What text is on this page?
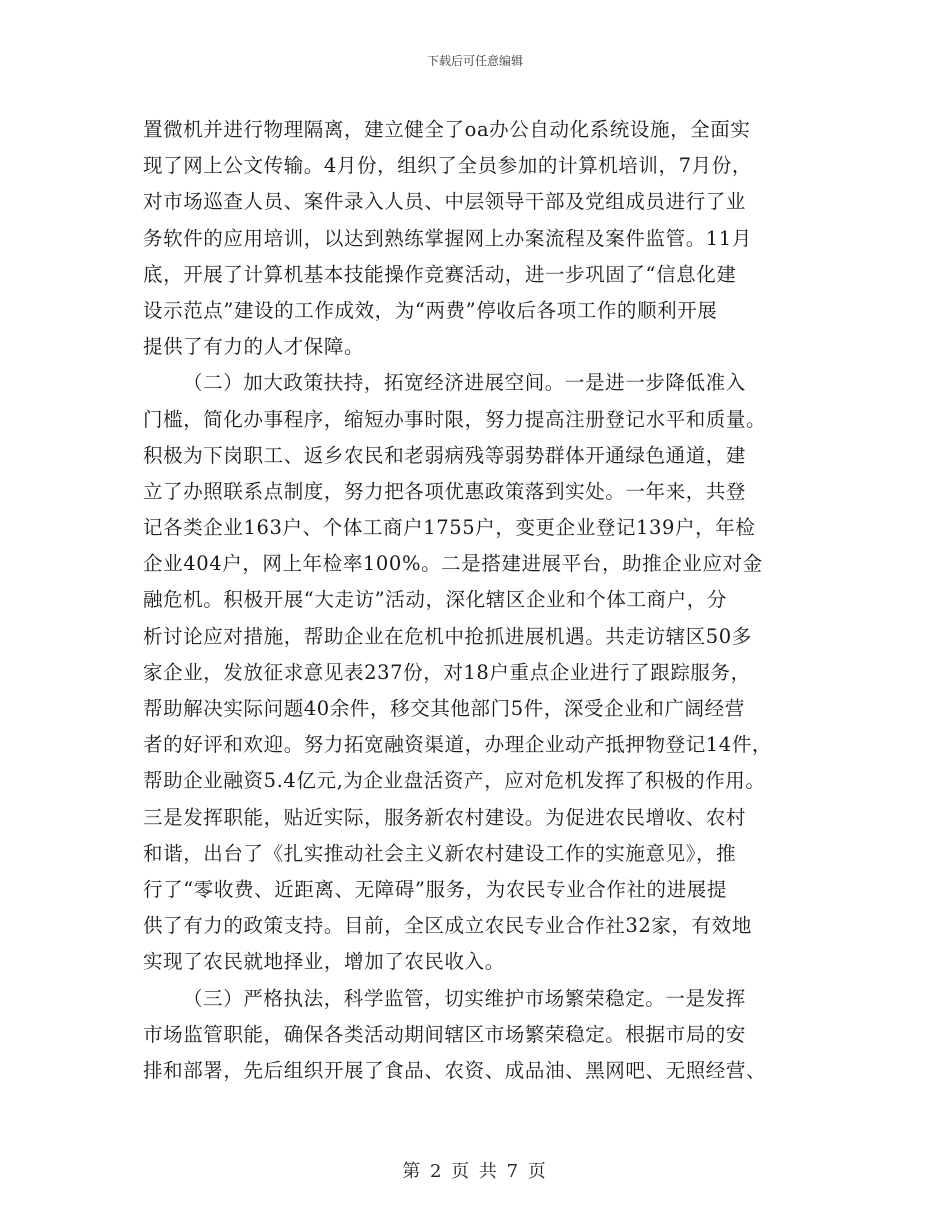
下载后可任意编辑
置微机并进行物理隔离，建立健全了oa办公自动化系统设施，全面实
现了网上公文传输。4月份，组织了全员参加的计算机培训，7月份，
对市场巡查人员、案件录入人员、中层领导干部及党组成员进行了业
务软件的应用培训，以达到熟练掌握网上办案流程及案件监管。11月
底，开展了计算机基本技能操作竞赛活动，进一步巩固了“信息化建
设示范点”建设的工作成效，为“两费”停收后各项工作的顺利开展
提供了有力的人才保障。
（二）加大政策扶持，拓宽经济进展空间。一是进一步降低准入
门槛，简化办事程序，缩短办事时限，努力提高注册登记水平和质量。
积极为下岗职工、返乡农民和老弱病残等弱势群体开通绿色通道，建
立了办照联系点制度，努力把各项优惠政策落到实处。一年来，共登
记各类企业163户、个体工商户1755户，变更企业登记139户，年检
企业404户，网上年检率100%。二是搭建进展平台，助推企业应对金
融危机。积极开展“大走访”活动，深化辖区企业和个体工商户，分
析讨论应对措施，帮助企业在危机中抢抓进展机遇。共走访辖区50多
家企业，发放征求意见表237份，对18户重点企业进行了跟踪服务，
帮助解决实际问题40余件，移交其他部门5件，深受企业和广阔经营
者的好评和欢迎。努力拓宽融资渠道，办理企业动产抵押物登记14件，
帮助企业融资5.4亿元,为企业盘活资产，应对危机发挥了积极的作用。
三是发挥职能，贴近实际，服务新农村建设。为促进农民增收、农村
和谐，出台了《扎实推动社会主义新农村建设工作的实施意见》，推
行了“零收费、近距离、无障碍”服务，为农民专业合作社的进展提
供了有力的政策支持。目前，全区成立农民专业合作社32家，有效地
实现了农民就地择业，增加了农民收入。
（三）严格执法，科学监管，切实维护市场繁荣稳定。一是发挥
市场监管职能，确保各类活动期间辖区市场繁荣稳定。根据市局的安
排和部署，先后组织开展了食品、农资、成品油、黑网吧、无照经营、
第 2 页 共 7 页
